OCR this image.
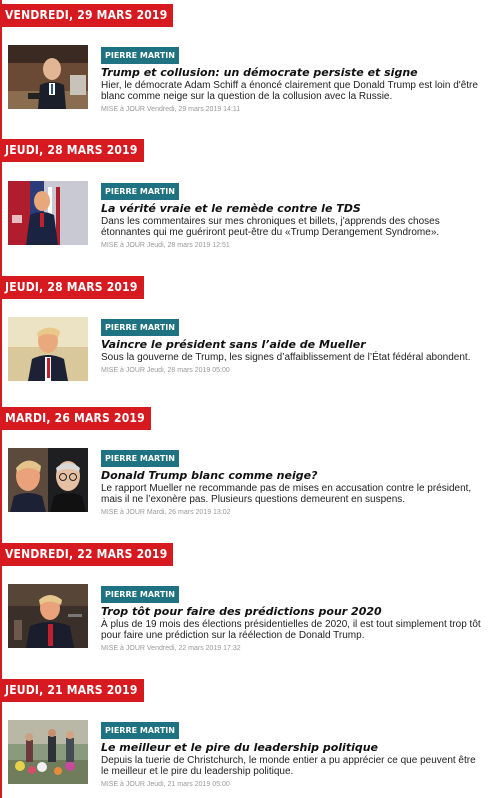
VENDREDI, 29 MARS 2019
PIERRE MARTIN
Trump et collusion: un démocrate persiste et signe
Hier, le démocrate Adam Schiff a énoncé clairement que Donald Trump est loin d'être blanc comme neige sur la question de la collusion avec la Russie.
MISE à JOUR Vendredi, 29 mars 2019 14:11
JEUDI, 28 MARS 2019
PIERRE MARTIN
La vérité vraie et le remède contre le TDS
Dans les commentaires sur mes chroniques et billets, j'apprends des choses étonnantes qui me guériront peut-être du «Trump Derangement Syndrome».
MISE à JOUR Jeudi, 28 mars 2019 12:51
JEUDI, 28 MARS 2019
PIERRE MARTIN
Vaincre le président sans l’aide de Mueller
Sous la gouverne de Trump, les signes d’affaiblissement de l’État fédéral abondent.
MISE à JOUR Jeudi, 28 mars 2019 05:00
MARDI, 26 MARS 2019
PIERRE MARTIN
Donald Trump blanc comme neige?
Le rapport Mueller ne recommande pas de mises en accusation contre le président, mais il ne l’exonère pas. Plusieurs questions demeurent en suspens.
MISE à JOUR Mardi, 26 mars 2019 13:02
VENDREDI, 22 MARS 2019
PIERRE MARTIN
Trop tôt pour faire des prédictions pour 2020
À plus de 19 mois des élections présidentielles de 2020, il est tout simplement trop tôt pour faire une prédiction sur la réélection de Donald Trump.
MISE à JOUR Vendredi, 22 mars 2019 17:32
JEUDI, 21 MARS 2019
PIERRE MARTIN
Le meilleur et le pire du leadership politique
Depuis la tuerie de Christchurch, le monde entier a pu apprécier ce que peuvent être le meilleur et le pire du leadership politique.
MISE à JOUR Jeudi, 21 mars 2019 05:00
